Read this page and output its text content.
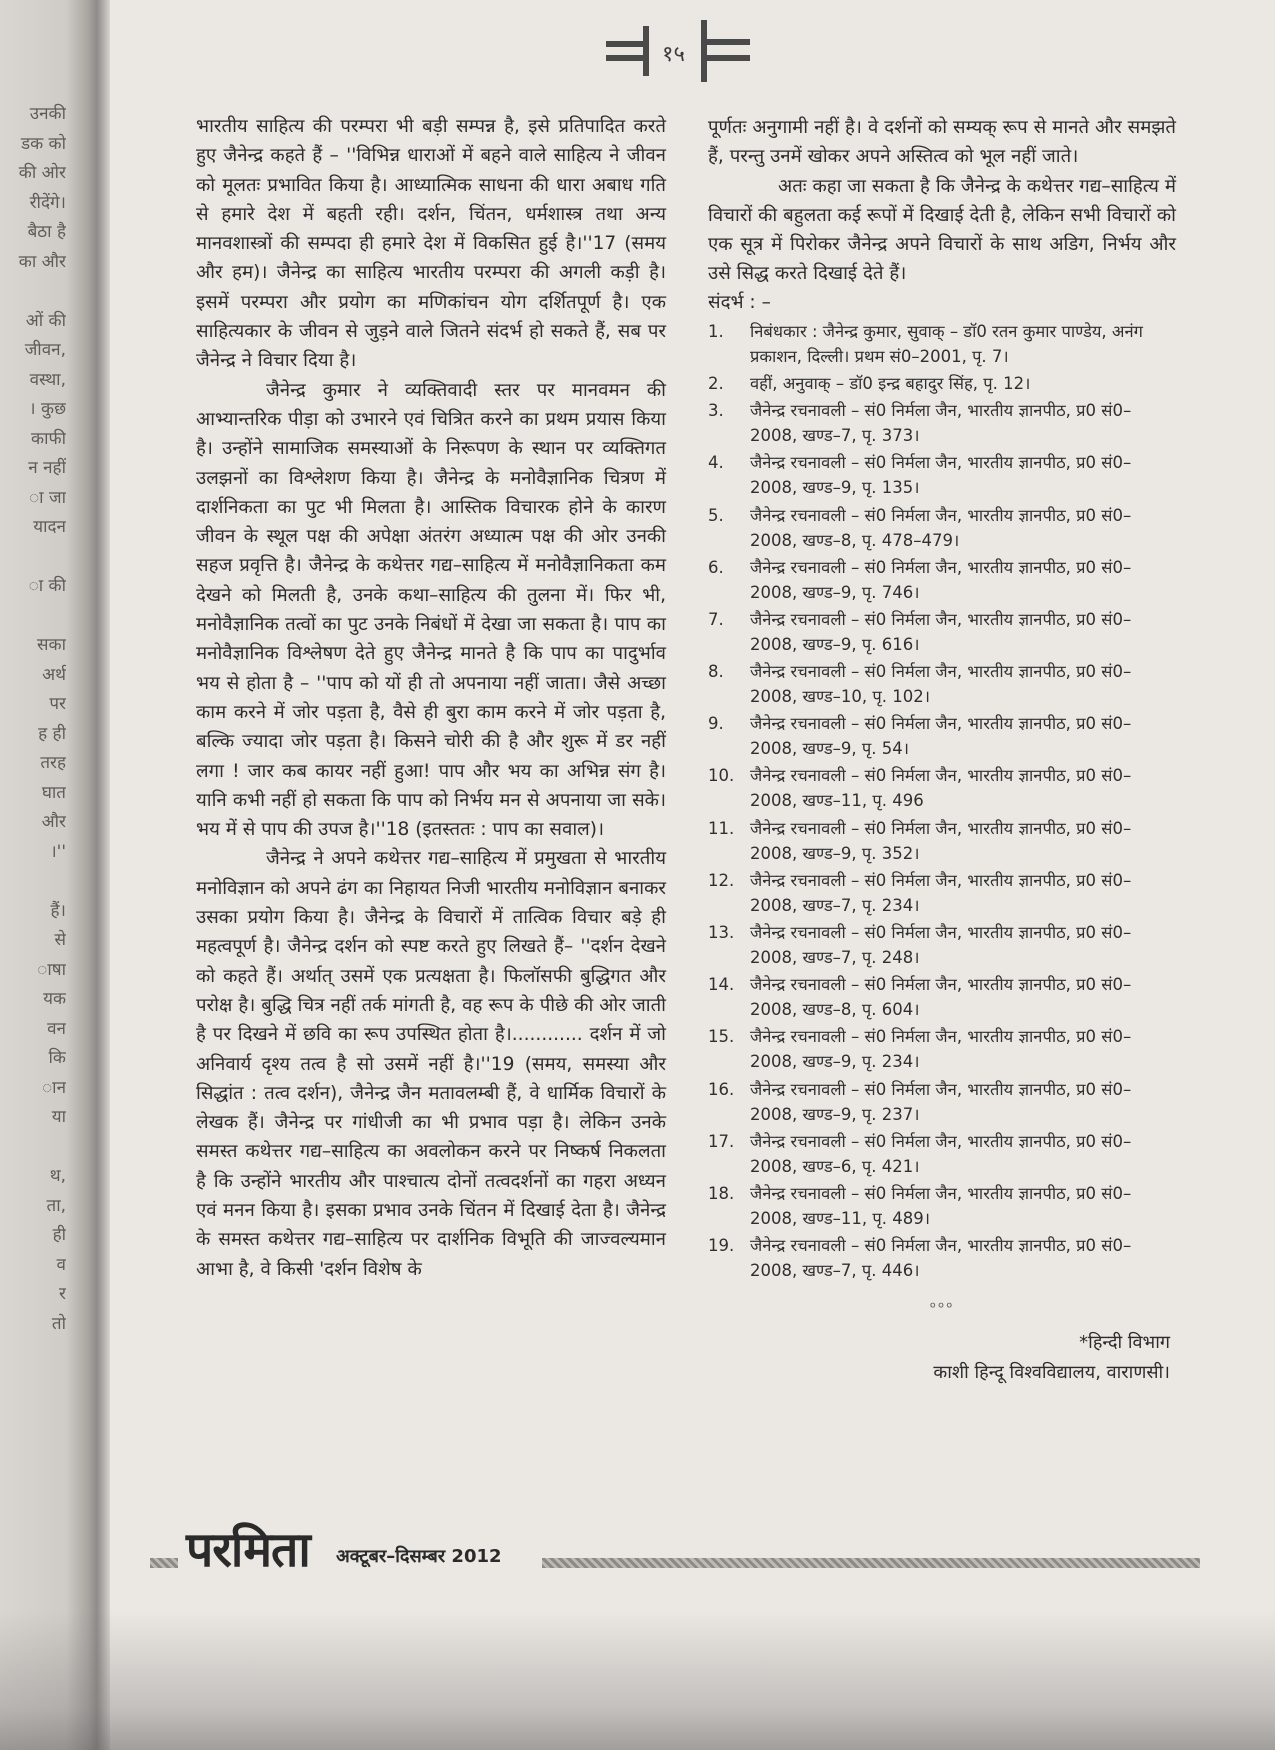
उनकी
डक को
की ओर
रीदेंगे।
बैठा है
का और

ओं की
जीवन,
वस्था,
। कुछ
काफी
न नहीं
ा जा
यादन

ा की

सका
अर्थ
पर
ह ही
तरह
घात
और
।''

हैं।
से
ाषा
यक
वन
कि
ान
या

थ,
ता,
ही
व
र
तो
१५

भारतीय साहित्य की परम्परा भी बड़ी सम्पन्न है, इसे प्रतिपादित करते हुए जैनेन्द्र कहते हैं – ''विभिन्न धाराओं में बहने वाले साहित्य ने जीवन को मूलतः प्रभावित किया है। आध्यात्मिक साधना की धारा अबाध गति से हमारे देश में बहती रही। दर्शन, चिंतन, धर्मशास्त्र तथा अन्य मानवशास्त्रों की सम्पदा ही हमारे देश में विकसित हुई है।''17 (समय और हम)। जैनेन्द्र का साहित्य भारतीय परम्परा की अगली कड़ी है। इसमें परम्परा और प्रयोग का मणिकांचन योग दर्शितपूर्ण है। एक साहित्यकार के जीवन से जुड़ने वाले जितने संदर्भ हो सकते हैं, सब पर जैनेन्द्र ने विचार दिया है।

जैनेन्द्र कुमार ने व्यक्तिवादी स्तर पर मानवमन की आभ्यान्तरिक पीड़ा को उभारने एवं चित्रित करने का प्रथम प्रयास किया है। उन्होंने सामाजिक समस्याओं के निरूपण के स्थान पर व्यक्तिगत उलझनों का विश्लेशण किया है। जैनेन्द्र के मनोवैज्ञानिक चित्रण में दार्शनिकता का पुट भी मिलता है। आस्तिक विचारक होने के कारण जीवन के स्थूल पक्ष की अपेक्षा अंतरंग अध्यात्म पक्ष की ओर उनकी सहज प्रवृत्ति है। जैनेन्द्र के कथेत्तर गद्य–साहित्य में मनोवैज्ञानिकता कम देखने को मिलती है, उनके कथा–साहित्य की तुलना में। फिर भी, मनोवैज्ञानिक तत्वों का पुट उनके निबंधों में देखा जा सकता है। पाप का मनोवैज्ञानिक विश्लेषण देते हुए जैनेन्द्र मानते है कि पाप का पादुर्भाव भय से होता है – ''पाप को यों ही तो अपनाया नहीं जाता। जैसे अच्छा काम करने में जोर पड़ता है, वैसे ही बुरा काम करने में जोर पड़ता है, बल्कि ज्यादा जोर पड़ता है। किसने चोरी की है और शुरू में डर नहीं लगा ! जार कब कायर नहीं हुआ! पाप और भय का अभिन्न संग है। यानि कभी नहीं हो सकता कि पाप को निर्भय मन से अपनाया जा सके। भय में से पाप की उपज है।''18 (इतस्ततः : पाप का सवाल)।

जैनेन्द्र ने अपने कथेत्तर गद्य–साहित्य में प्रमुखता से भारतीय मनोविज्ञान को अपने ढंग का निहायत निजी भारतीय मनोविज्ञान बनाकर उसका प्रयोग किया है। जैनेन्द्र के विचारों में तात्विक विचार बड़े ही महत्वपूर्ण है। जैनेन्द्र दर्शन को स्पष्ट करते हुए लिखते हैं– ''दर्शन देखने को कहते हैं। अर्थात् उसमें एक प्रत्यक्षता है। फिलॉसफी बुद्धिगत और परोक्ष है। बुद्धि चित्र नहीं तर्क मांगती है, वह रूप के पीछे की ओर जाती है पर दिखने में छवि का रूप उपस्थित होता है।............ दर्शन में जो अनिवार्य दृश्य तत्व है सो उसमें नहीं है।''19 (समय, समस्या और सिद्धांत : तत्व दर्शन), जैनेन्द्र जैन मतावलम्बी हैं, वे धार्मिक विचारों के लेखक हैं। जैनेन्द्र पर गांधीजी का भी प्रभाव पड़ा है। लेकिन उनके समस्त कथेत्तर गद्य–साहित्य का अवलोकन करने पर निष्कर्ष निकलता है कि उन्होंने भारतीय और पाश्चात्य दोनों तत्वदर्शनों का गहरा अध्यन एवं मनन किया है। इसका प्रभाव उनके चिंतन में दिखाई देता है। जैनेन्द्र के समस्त कथेत्तर गद्य–साहित्य पर दार्शनिक विभूति की जाज्वल्यमान आभा है, वे किसी 'दर्शन विशेष के

पूर्णतः अनुगामी नहीं है। वे दर्शनों को सम्यक् रूप से मानते और समझते हैं, परन्तु उनमें खोकर अपने अस्तित्व को भूल नहीं जाते।

अतः कहा जा सकता है कि जैनेन्द्र के कथेत्तर गद्य–साहित्य में विचारों की बहुलता कई रूपों में दिखाई देती है, लेकिन सभी विचारों को एक सूत्र में पिरोकर जैनेन्द्र अपने विचारों के साथ अडिग, निर्भय और उसे सिद्ध करते दिखाई देते हैं।

संदर्भ : –

1.	निबंधकार : जैनेन्द्र कुमार, सुवाक् – डॉ0 रतन कुमार पाण्डेय, अनंग प्रकाशन, दिल्ली। प्रथम सं0–2001, पृ. 7।
2.	वहीं, अनुवाक् – डॉ0 इन्द्र बहादुर सिंह, पृ. 12।
3.	जैनेन्द्र रचनावली – सं0 निर्मला जैन, भारतीय ज्ञानपीठ, प्र0 सं0– 2008, खण्ड–7, पृ. 373।
4.	जैनेन्द्र रचनावली – सं0 निर्मला जैन, भारतीय ज्ञानपीठ, प्र0 सं0– 2008, खण्ड–9, पृ. 135।
5.	जैनेन्द्र रचनावली – सं0 निर्मला जैन, भारतीय ज्ञानपीठ, प्र0 सं0– 2008, खण्ड–8, पृ. 478–479।
6.	जैनेन्द्र रचनावली – सं0 निर्मला जैन, भारतीय ज्ञानपीठ, प्र0 सं0– 2008, खण्ड–9, पृ. 746।
7.	जैनेन्द्र रचनावली – सं0 निर्मला जैन, भारतीय ज्ञानपीठ, प्र0 सं0– 2008, खण्ड–9, पृ. 616।
8.	जैनेन्द्र रचनावली – सं0 निर्मला जैन, भारतीय ज्ञानपीठ, प्र0 सं0– 2008, खण्ड–10, पृ. 102।
9.	जैनेन्द्र रचनावली – सं0 निर्मला जैन, भारतीय ज्ञानपीठ, प्र0 सं0– 2008, खण्ड–9, पृ. 54।
10. जैनेन्द्र रचनावली – सं0 निर्मला जैन, भारतीय ज्ञानपीठ, प्र0 सं0– 2008, खण्ड–11, पृ. 496
11. जैनेन्द्र रचनावली – सं0 निर्मला जैन, भारतीय ज्ञानपीठ, प्र0 सं0– 2008, खण्ड–9, पृ. 352।
12. जैनेन्द्र रचनावली – सं0 निर्मला जैन, भारतीय ज्ञानपीठ, प्र0 सं0– 2008, खण्ड–7, पृ. 234।
13. जैनेन्द्र रचनावली – सं0 निर्मला जैन, भारतीय ज्ञानपीठ, प्र0 सं0– 2008, खण्ड–7, पृ. 248।
14. जैनेन्द्र रचनावली – सं0 निर्मला जैन, भारतीय ज्ञानपीठ, प्र0 सं0– 2008, खण्ड–8, पृ. 604।
15. जैनेन्द्र रचनावली – सं0 निर्मला जैन, भारतीय ज्ञानपीठ, प्र0 सं0– 2008, खण्ड–9, पृ. 234।
16. जैनेन्द्र रचनावली – सं0 निर्मला जैन, भारतीय ज्ञानपीठ, प्र0 सं0– 2008, खण्ड–9, पृ. 237।
17. जैनेन्द्र रचनावली – सं0 निर्मला जैन, भारतीय ज्ञानपीठ, प्र0 सं0– 2008, खण्ड–6, पृ. 421।
18. जैनेन्द्र रचनावली – सं0 निर्मला जैन, भारतीय ज्ञानपीठ, प्र0 सं0– 2008, खण्ड–11, पृ. 489।
19. जैनेन्द्र रचनावली – सं0 निर्मला जैन, भारतीय ज्ञानपीठ, प्र0 सं0– 2008, खण्ड–7, पृ. 446।
०००
*हिन्दी विभाग
काशी हिन्दू विश्वविद्यालय, वाराणसी।
परमिता अक्टूबर–दिसम्बर 2012
